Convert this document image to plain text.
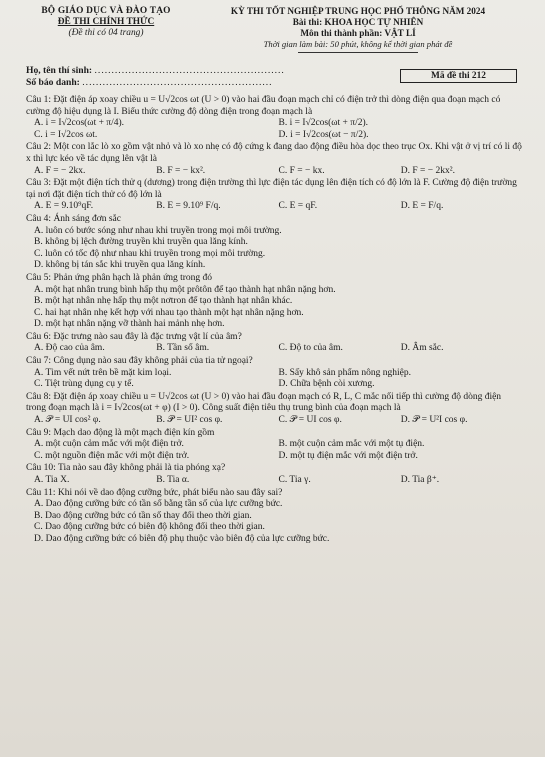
BỘ GIÁO DỤC VÀ ĐÀO TẠO
ĐỀ THI CHÍNH THỨC
(Đề thi có 04 trang)
KỲ THI TỐT NGHIỆP TRUNG HỌC PHỔ THÔNG NĂM 2024
Bài thi: KHOA HỌC TỰ NHIÊN
Môn thi thành phần: VẬT LÍ
Thời gian làm bài: 50 phút, không kể thời gian phát đề
Họ, tên thí sinh: ........................................................
Số báo danh: ........................................................
Mã đề thi 212
Câu 1: Đặt điện áp xoay chiều u = U√2cos ωt (U > 0) vào hai đầu đoạn mạch chỉ có điện trở thì dòng điện qua đoạn mạch có cường độ hiệu dụng là I. Biểu thức cường độ dòng điện trong đoạn mạch là
A. i = I√2cos(ωt + π/4).	B. i = I√2cos(ωt + π/2).
C. i = I√2cos ωt.	D. i = I√2cos(ωt − π/2).
Câu 2: Một con lắc lò xo gồm vật nhỏ và lò xo nhẹ có độ cứng k đang dao động điều hòa dọc theo trục Ox. Khi vật ở vị trí có li độ x thì lực kéo về tác dụng lên vật là
A. F = − 2kx.	B. F = − kx².	C. F = − kx.	D. F = − 2kx².
Câu 3: Đặt một điện tích thử q (dương) trong điện trường thì lực điện tác dụng lên điện tích có độ lớn là F. Cường độ điện trường tại nơi đặt điện tích thử có độ lớn là
A. E = 9.10⁹qF.	B. E = 9.10⁹ F/q.	C. E = qF.	D. E = F/q.
Câu 4: Ánh sáng đơn sắc
A. luôn có bước sóng như nhau khi truyền trong mọi môi trường.
B. không bị lệch đường truyền khi truyền qua lăng kính.
C. luôn có tốc độ như nhau khi truyền trong mọi môi trường.
D. không bị tán sắc khi truyền qua lăng kính.
Câu 5: Phản ứng phân hạch là phản ứng trong đó
A. một hạt nhân trung bình hấp thụ một prôtôn để tạo thành hạt nhân nặng hơn.
B. một hạt nhân nhẹ hấp thụ một nơtron để tạo thành hạt nhân khác.
C. hai hạt nhân nhẹ kết hợp với nhau tạo thành một hạt nhân nặng hơn.
D. một hạt nhân nặng vỡ thành hai mảnh nhẹ hơn.
Câu 6: Đặc trưng nào sau đây là đặc trưng vật lí của âm?
A. Độ cao của âm.	B. Tần số âm.	C. Độ to của âm.	D. Âm sắc.
Câu 7: Công dụng nào sau đây không phải của tia tử ngoại?
A. Tìm vết nứt trên bề mặt kim loại.	B. Sấy khô sản phẩm nông nghiệp.
C. Tiệt trùng dụng cụ y tế.	D. Chữa bệnh còi xương.
Câu 8: Đặt điện áp xoay chiều u = U√2cos ωt (U > 0) vào hai đầu đoạn mạch có R, L, C mắc nối tiếp thì cường độ dòng điện trong đoạn mạch là i = I√2cos(ωt + φ) (I > 0). Công suất điện tiêu thụ trung bình của đoạn mạch là
A. 𝒫 = UI cos² φ.	B. 𝒫 = UI² cos φ.	C. 𝒫 = UI cos φ.	D. 𝒫 = U²I cos φ.
Câu 9: Mạch dao động là một mạch điện kín gồm
A. một cuộn cảm mắc với một điện trở.	B. một cuộn cảm mắc với một tụ điện.
C. một nguồn điện mắc với một điện trở.	D. một tụ điện mắc với một điện trở.
Câu 10: Tia nào sau đây không phải là tia phóng xạ?
A. Tia X.	B. Tia α.	C. Tia γ.	D. Tia β⁺.
Câu 11: Khi nói về dao động cưỡng bức, phát biểu nào sau đây sai?
A. Dao động cưỡng bức có tần số bằng tần số của lực cưỡng bức.
B. Dao động cưỡng bức có tần số thay đổi theo thời gian.
C. Dao động cưỡng bức có biên độ không đổi theo thời gian.
D. Dao động cưỡng bức có biên độ phụ thuộc vào biên độ của lực cưỡng bức.
